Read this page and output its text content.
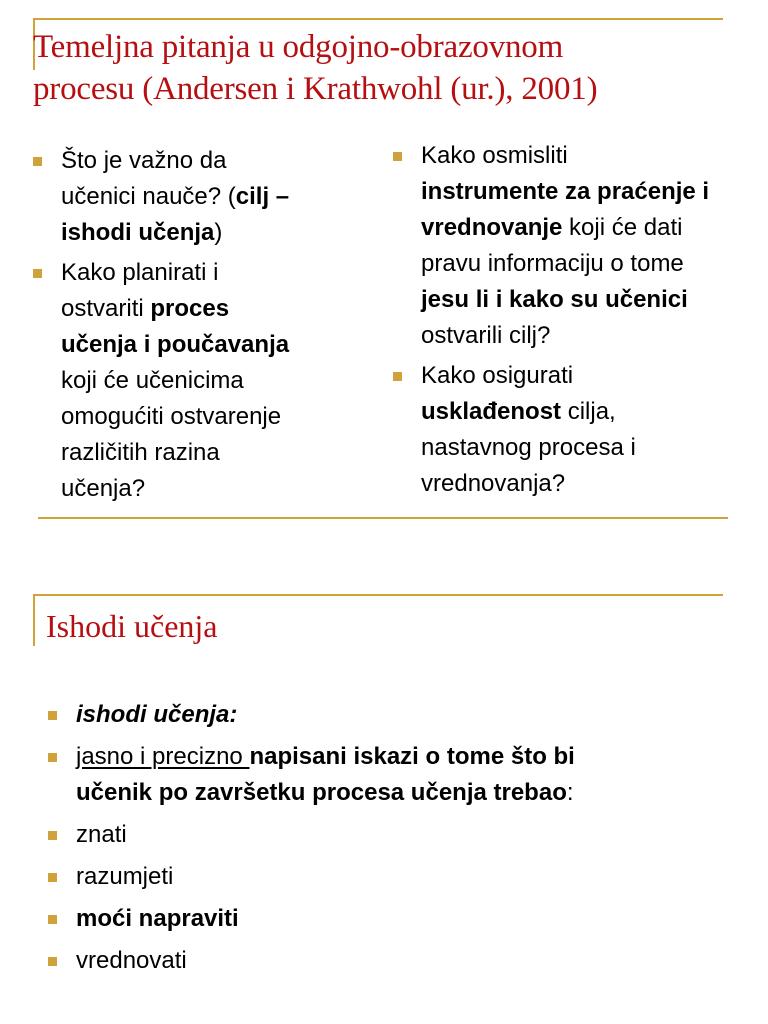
Temeljna pitanja u odgojno-obrazovnom
procesu (Andersen i Krathwohl (ur.), 2001)
Što je važno da
učenici nauče? (cilj –
ishodi učenja)
Kako planirati i
ostvariti proces
učenja i poučavanja
koji će učenicima
omogućiti ostvarenje
različitih razina
učenja?
Kako osmisliti
instrumente za praćenje i
vrednovanje koji će dati
pravu informaciju o tome
jesu li i kako su učenici
ostvarili cilj?
Kako osigurati
usklađenost cilja,
nastavnog procesa i
vrednovanja?
Ishodi učenja
ishodi učenja:
jasno i precizno napisani iskazi o tome što bi
učenik po završetku procesa učenja trebao:
znati
razumjeti
moći napraviti
vrednovati
